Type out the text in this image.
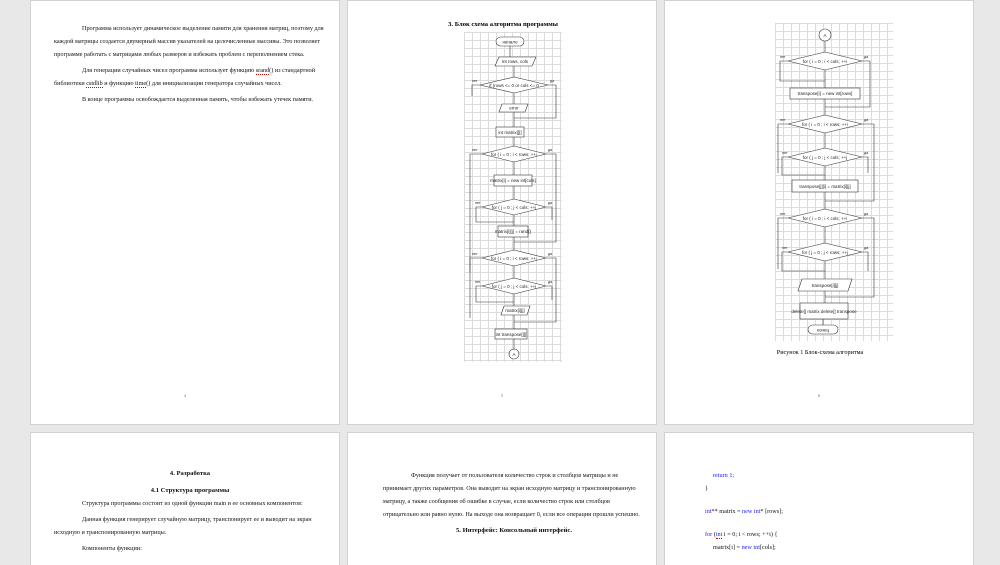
Программа использует динамическое выделение памяти для хранения матриц, поэтому для каждой матрицы создается двумерный массив указателей на целочисленные массивы. Это позволяет программе работать с матрицами любых размеров и избежать проблем с переполнением стека.

Для генерации случайных чисел программа использует функцию srand() из стандартной библиотеки cstdlib и функцию time() для инициализации генератора случайных чисел.

В конце программы освобождается выделенная память, чтобы избежать утечек памяти.

4
3. Блок схема алгоритма программы
начало
int rows, cols
if (rows <= 0 or cols <= 0
error
int matrix[][]
for ( i = 0 ; i < rows; ++i
matrix[i] = new int[cols]
for ( j = 0 ; j < cols; ++j
matrix[i][j] = rand()
for ( i = 0 ; i < rows; ++i
for ( j = 0 ; j < cols; ++j
matrix[i][j]
int transpose[][]
A
нет	да
нет	да
нет	да
нет	да
нет	да
5
A
for ( i = 0 ; i < cols; ++i
transpose[i] = new int[rows]
for ( i = 0 ; i < rows; ++i
for ( j = 0 ; j < cols; ++j
transpose[j][i] = matrix[i][j]
for ( i = 0 ; i < cols; ++i
for ( j = 0 ; j < rows; ++j
transpose[i][j]
delete[] matrix delete[] transpose
конец
нет	да
нет	да
нет	да
нет	да
нет	да
Рисунок 1 Блок-схема алгоритма
6

4. Разработка

4.1 Структура программы

Структура программы состоит из одной функции main и ее основных компонентов:

Данная функция генерирует случайную матрицу, транспонирует ее и выводит на экран исходную и транспонированную матрицы.

Компоненты функции:

Функция получает от пользователя количество строк и столбцов матрицы и не принимает других параметров. Она выводит на экран исходную матрицу и транспонированную матрицу, а также сообщения об ошибке в случае, если количество строк или столбцов отрицательно или равно нулю. На выходе она возвращает 0, если все операции прошли успешно.

5. Интерфейс: Консольный интерфейс.

return 1;

}

int** matrix = new int* [rows];

for (int i = 0; i < rows; ++i) {

matrix[i] = new int[cols];
